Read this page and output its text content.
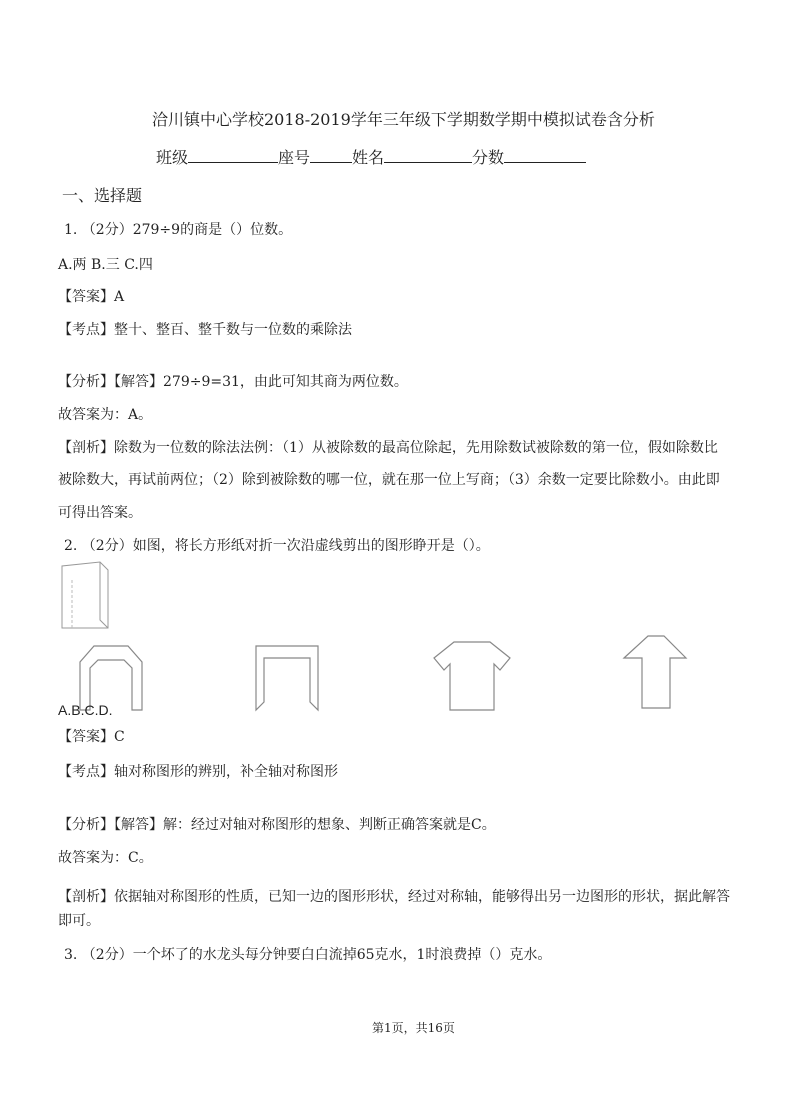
洽川镇中心学校2018-2019学年三年级下学期数学期中模拟试卷含分析
班级	座号	姓名	分数
一、选择题
1. （2分）279÷9的商是（）位数。
A.两 B.三 C.四
【答案】A
【考点】整十、整百、整千数与一位数的乘除法
【分析】【解答】279÷9=31，由此可知其商为两位数。
故答案为：A。
【剖析】除数为一位数的除法法例：（1）从被除数的最高位除起，先用除数试被除数的第一位，假如除数比
被除数大，再试前两位；（2）除到被除数的哪一位，就在那一位上写商；（3）余数一定要比除数小。由此即
可得出答案。
2. （2分）如图，将长方形纸对折一次沿虚线剪出的图形睁开是（）。
A.B.C.D.
【答案】C
【考点】轴对称图形的辨别，补全轴对称图形
【分析】【解答】解：经过对轴对称图形的想象、判断正确答案就是C。
故答案为：C。
【剖析】依据轴对称图形的性质，已知一边的图形形状，经过对称轴，能够得出另一边图形的形状，据此解答
即可。
3. （2分）一个坏了的水龙头每分钟要白白流掉65克水，1时浪费掉（）克水。
第1页，共16页
